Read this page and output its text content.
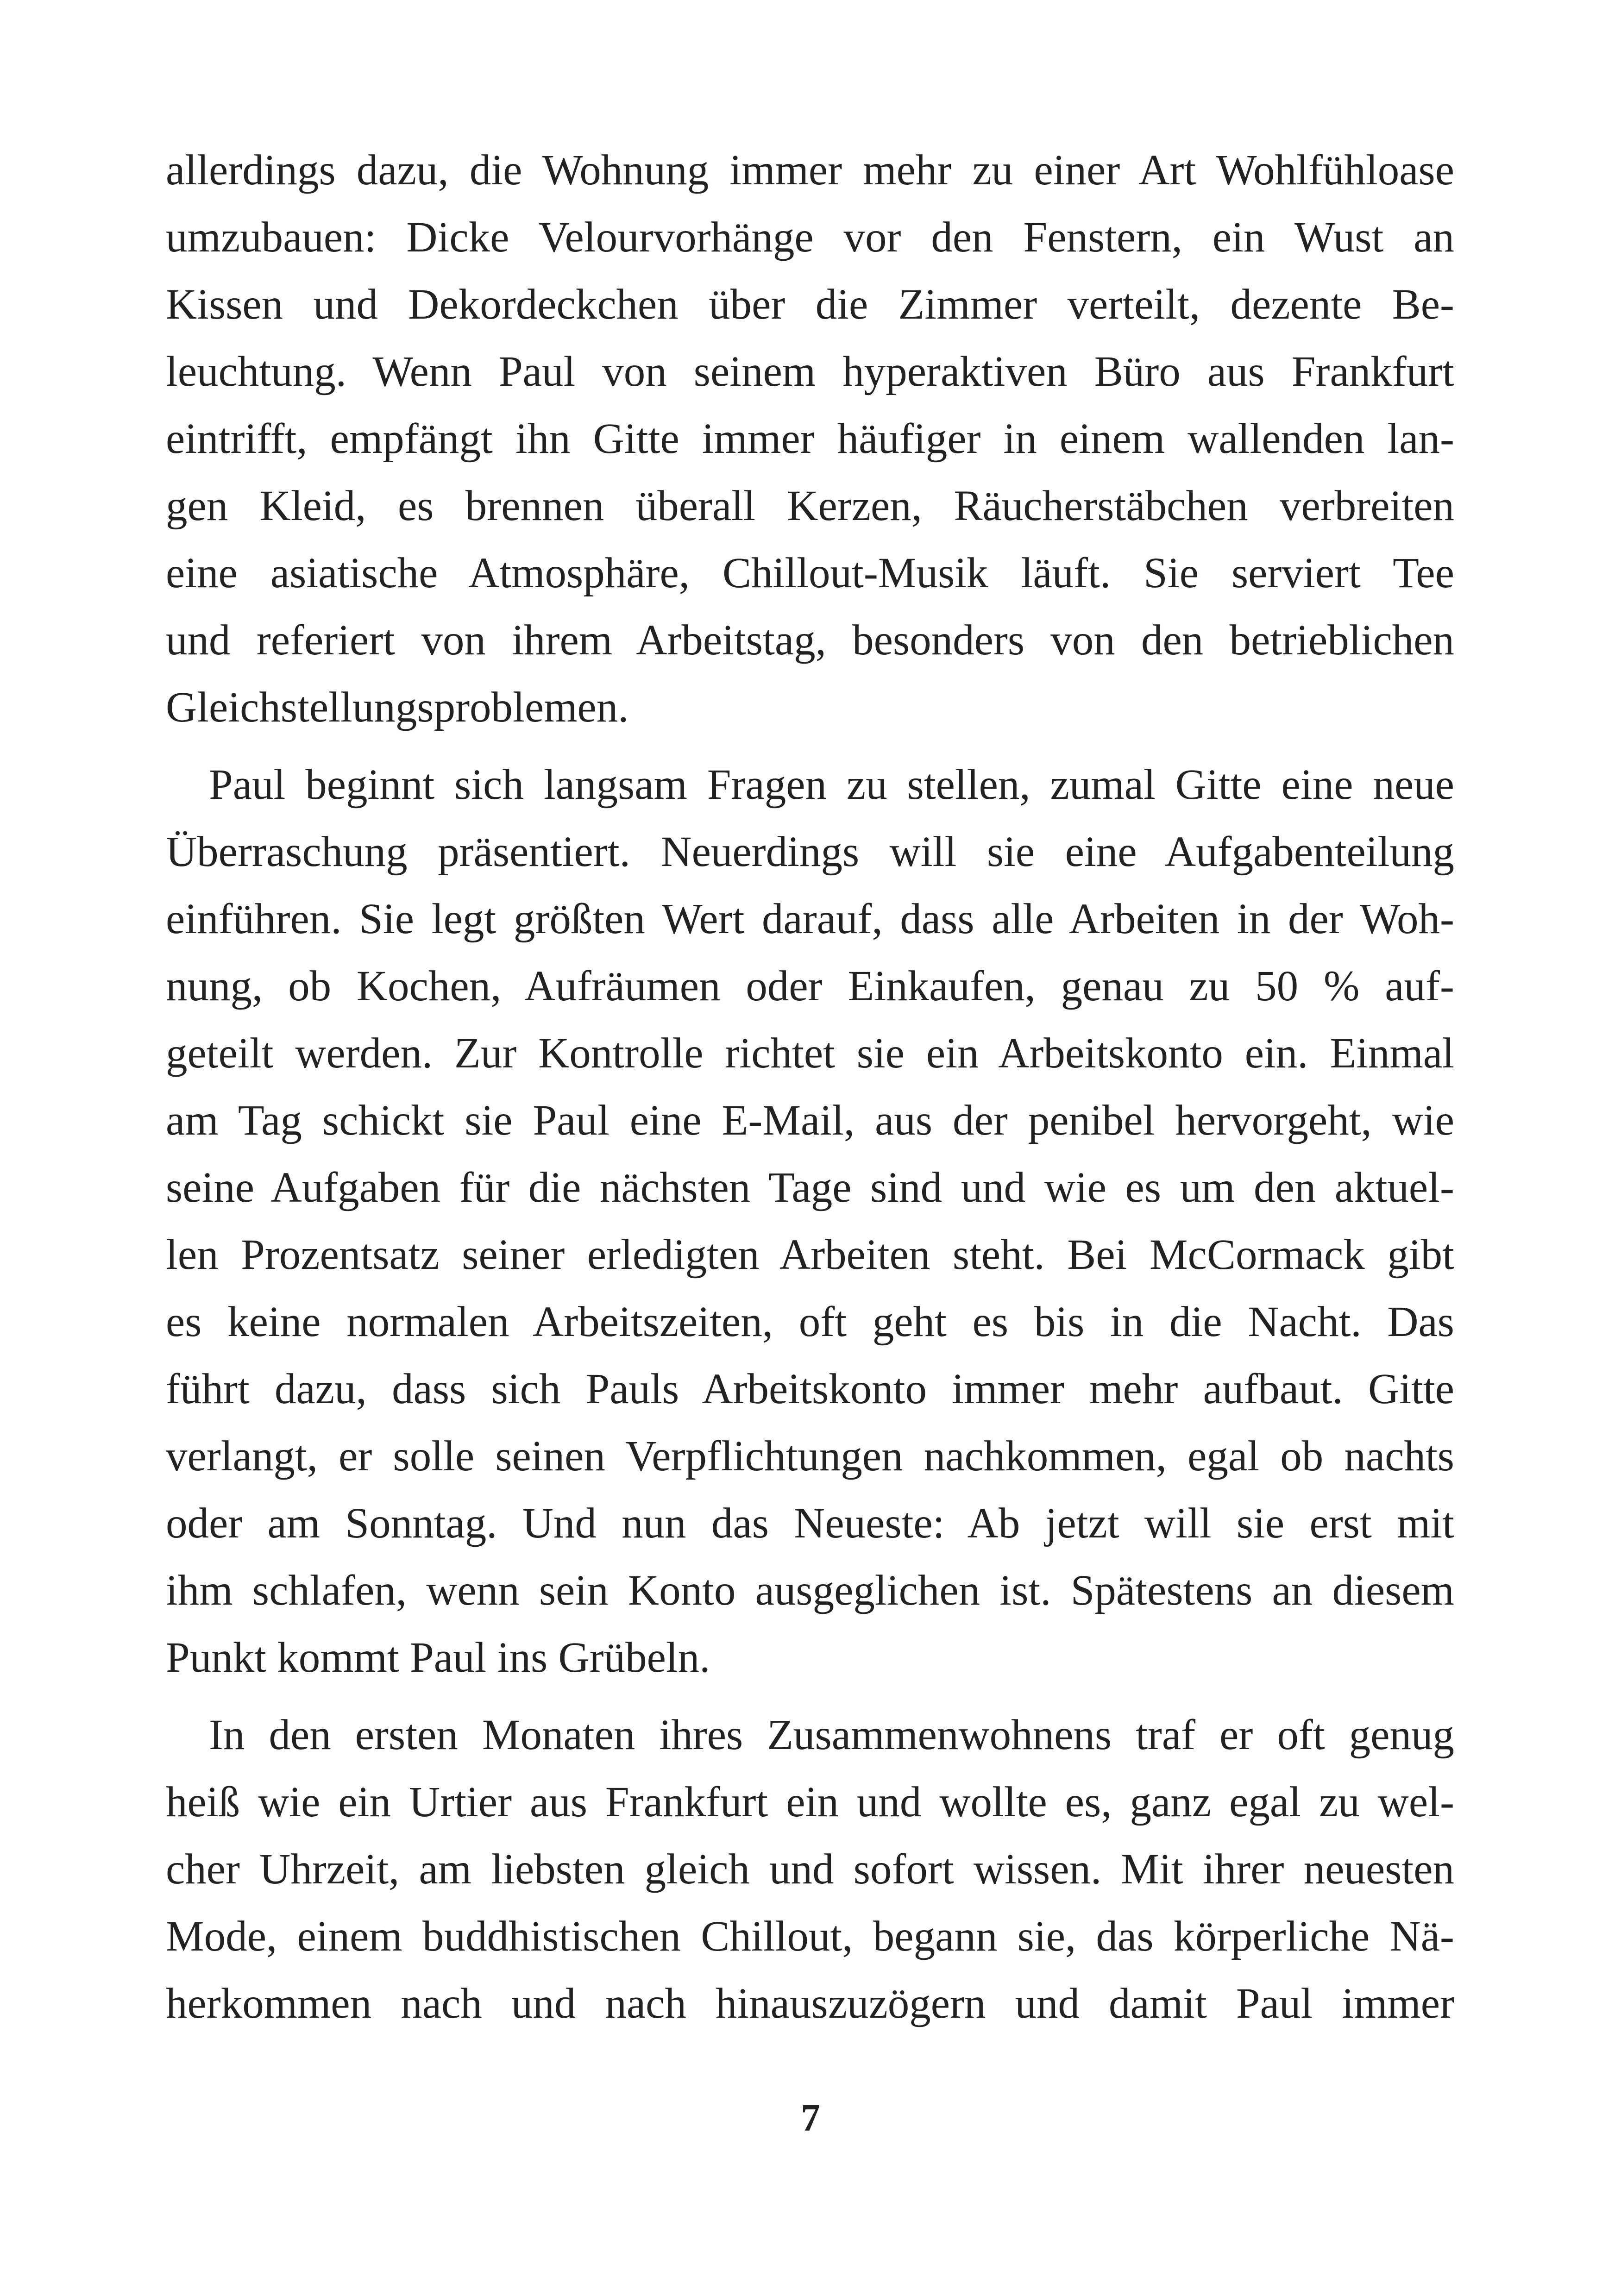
allerdings dazu, die Wohnung immer mehr zu einer Art Wohlfühloase
umzubauen: Dicke Velourvorhänge vor den Fenstern, ein Wust an
Kissen und Dekordeckchen über die Zimmer verteilt, dezente Be-
leuchtung. Wenn Paul von seinem hyperaktiven Büro aus Frankfurt
eintrifft, empfängt ihn Gitte immer häufiger in einem wallenden lan-
gen Kleid, es brennen überall Kerzen, Räucherstäbchen verbreiten
eine asiatische Atmosphäre, Chillout-Musik läuft. Sie serviert Tee
und referiert von ihrem Arbeitstag, besonders von den betrieblichen
Gleichstellungsproblemen.
Paul beginnt sich langsam Fragen zu stellen, zumal Gitte eine neue
Überraschung präsentiert. Neuerdings will sie eine Aufgabenteilung
einführen. Sie legt größten Wert darauf, dass alle Arbeiten in der Woh-
nung, ob Kochen, Aufräumen oder Einkaufen, genau zu 50 % auf-
geteilt werden. Zur Kontrolle richtet sie ein Arbeitskonto ein. Einmal
am Tag schickt sie Paul eine E-Mail, aus der penibel hervorgeht, wie
seine Aufgaben für die nächsten Tage sind und wie es um den aktuel-
len Prozentsatz seiner erledigten Arbeiten steht. Bei McCormack gibt
es keine normalen Arbeitszeiten, oft geht es bis in die Nacht. Das
führt dazu, dass sich Pauls Arbeitskonto immer mehr aufbaut. Gitte
verlangt, er solle seinen Verpflichtungen nachkommen, egal ob nachts
oder am Sonntag. Und nun das Neueste: Ab jetzt will sie erst mit
ihm schlafen, wenn sein Konto ausgeglichen ist. Spätestens an diesem
Punkt kommt Paul ins Grübeln.
In den ersten Monaten ihres Zusammenwohnens traf er oft genug
heiß wie ein Urtier aus Frankfurt ein und wollte es, ganz egal zu wel-
cher Uhrzeit, am liebsten gleich und sofort wissen. Mit ihrer neuesten
Mode, einem buddhistischen Chillout, begann sie, das körperliche Nä-
herkommen nach und nach hinauszuzögern und damit Paul immer
7
